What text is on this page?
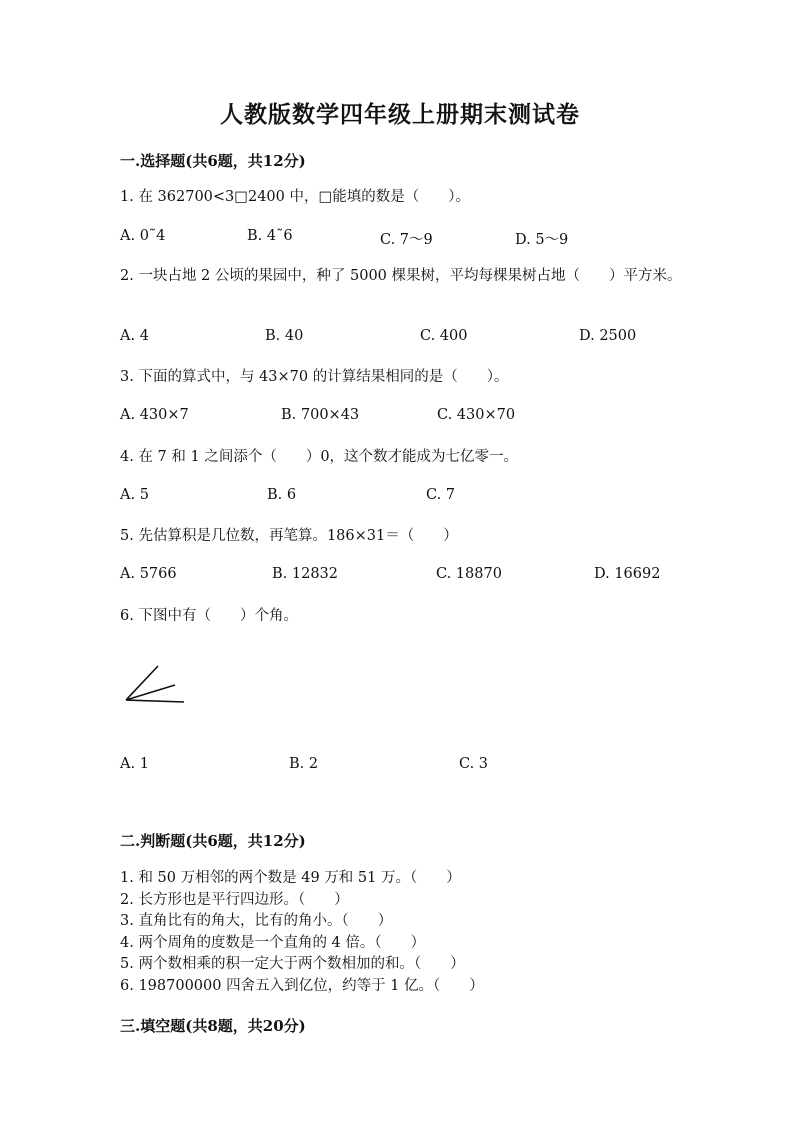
人教版数学四年级上册期末测试卷
一.选择题(共6题，共12分)
1. 在 362700<3□2400 中，□能填的数是（　　）。
A. 0˜4	B. 4˜6	C. 7～9	D. 5～9
2. 一块占地 2 公顷的果园中，种了 5000 棵果树，平均每棵果树占地（　　）平方米。
A. 4	B. 40	C. 400	D. 2500
3. 下面的算式中，与 43×70 的计算结果相同的是（　　）。
A. 430×7	B. 700×43	C. 430×70
4. 在 7 和 1 之间添个（　　）0，这个数才能成为七亿零一。
A. 5	B. 6	C. 7
5. 先估算积是几位数，再笔算。186×31＝（　　）
A. 5766	B. 12832	C. 18870	D. 16692
6. 下图中有（　　）个角。
A. 1	B. 2	C. 3
二.判断题(共6题，共12分)
1. 和 50 万相邻的两个数是 49 万和 51 万。（　　）
2. 长方形也是平行四边形。（　　）
3. 直角比有的角大，比有的角小。（　　）
4. 两个周角的度数是一个直角的 4 倍。（　　）
5. 两个数相乘的积一定大于两个数相加的和。（　　）
6. 198700000 四舍五入到亿位，约等于 1 亿。（　　）
三.填空题(共8题，共20分)
